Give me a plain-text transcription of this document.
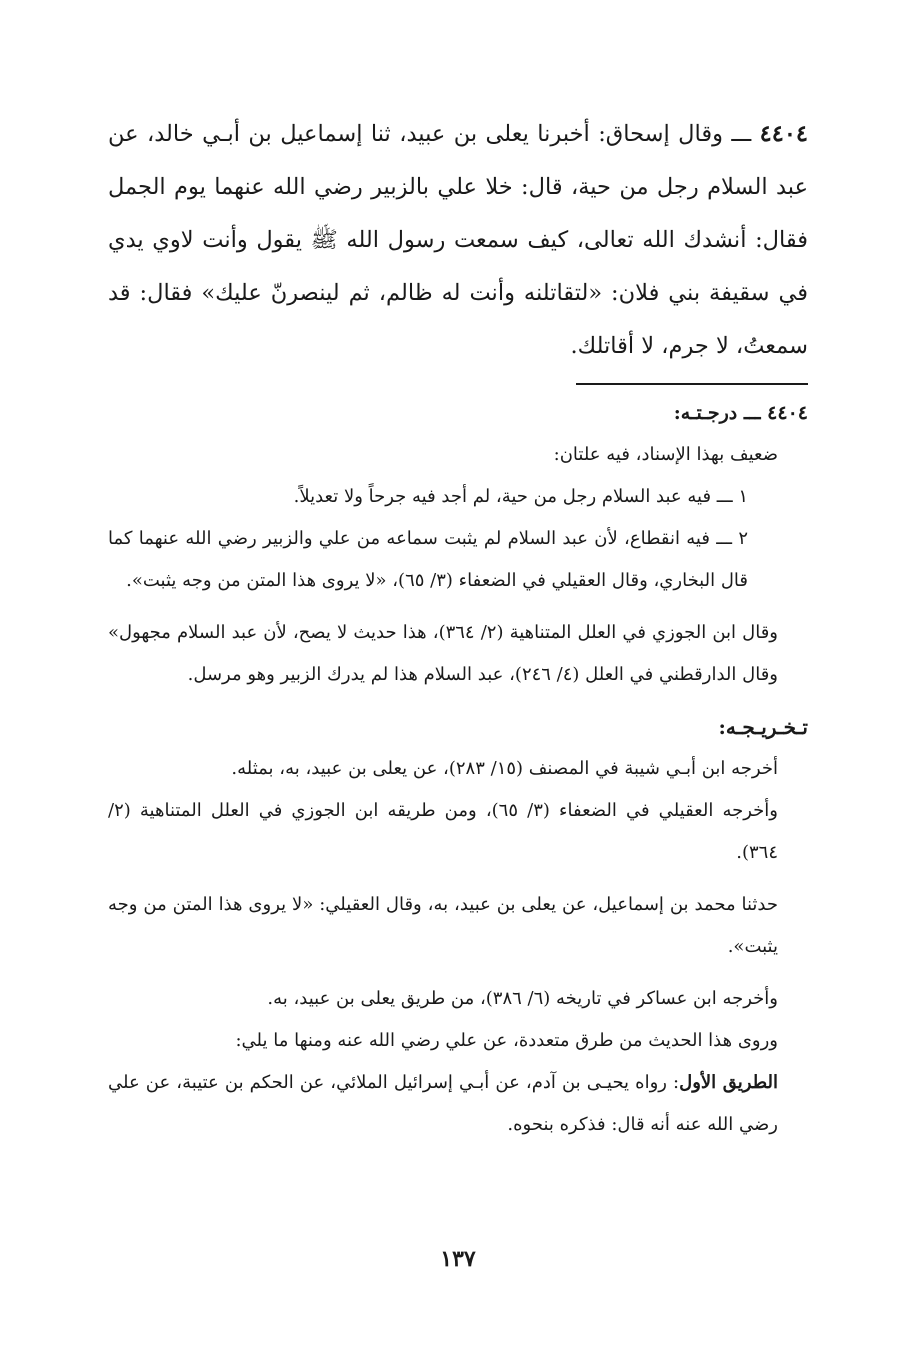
٤٤٠٤ ـــ وقال إسحاق: أخبرنا يعلى بن عبيد، ثنا إسماعيل بن أبـي خالد، عن عبد السلام رجل من حية، قال: خلا علي بالزبير رضي الله عنهما يوم الجمل فقال: أنشدك الله تعالى، كيف سمعت رسول الله ﷺ يقول وأنت لاوي يدي في سقيفة بني فلان: «لتقاتلنه وأنت له ظالم، ثم لينصرنّ عليك» فقال: قد سمعتُ، لا جرم، لا أقاتلك.

٤٤٠٤ ـــ درجـتـه:

ضعيف بهذا الإسناد، فيه علتان:

١ ـــ فيه عبد السلام رجل من حية، لم أجد فيه جرحاً ولا تعديلاً.

٢ ـــ فيه انقطاع، لأن عبد السلام لم يثبت سماعه من علي والزبير رضي الله عنهما كما قال البخاري، وقال العقيلي في الضعفاء (٣/ ٦٥)، «لا يروى هذا المتن من وجه يثبت».

وقال ابن الجوزي في العلل المتناهية (٢/ ٣٦٤)، هذا حديث لا يصح، لأن عبد السلام مجهول» وقال الدارقطني في العلل (٤/ ٢٤٦)، عبد السلام هذا لم يدرك الزبير وهو مرسل.

تـخـريـجـه:

أخرجه ابن أبـي شيبة في المصنف (١٥/ ٢٨٣)، عن يعلى بن عبيد، به، بمثله.

وأخرجه العقيلي في الضعفاء (٣/ ٦٥)، ومن طريقه ابن الجوزي في العلل المتناهية (٢/ ٣٦٤).

حدثنا محمد بن إسماعيل، عن يعلى بن عبيد، به، وقال العقيلي: «لا يروى هذا المتن من وجه يثبت».

وأخرجه ابن عساكر في تاريخه (٦/ ٣٨٦)، من طريق يعلى بن عبيد، به.

وروى هذا الحديث من طرق متعددة، عن علي رضي الله عنه ومنها ما يلي:

الطريق الأول: رواه يحيـى بن آدم، عن أبـي إسرائيل الملائي، عن الحكم بن عتيبة، عن علي رضي الله عنه أنه قال: فذكره بنحوه.

١٣٧
